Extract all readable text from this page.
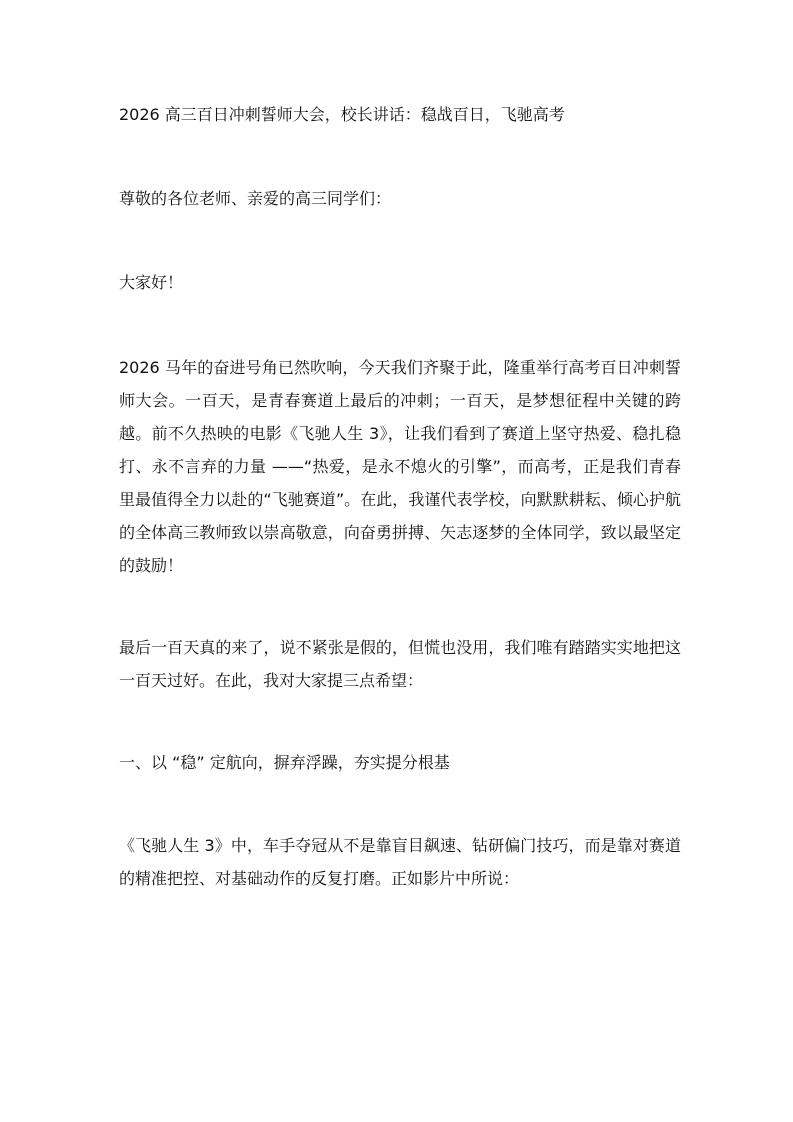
2026 高三百日冲刺誓师大会，校长讲话：稳战百日，飞驰高考

尊敬的各位老师、亲爱的高三同学们：

大家好！

2026 马年的奋进号角已然吹响，今天我们齐聚于此，隆重举行高考百日冲刺誓师大会。一百天，是青春赛道上最后的冲刺；一百天，是梦想征程中关键的跨越。前不久热映的电影《飞驰人生 3》，让我们看到了赛道上坚守热爱、稳扎稳打、永不言弃的力量 ——“热爱，是永不熄火的引擎”，而高考，正是我们青春里最值得全力以赴的“飞驰赛道”。在此，我谨代表学校，向默默耕耘、倾心护航的全体高三教师致以崇高敬意，向奋勇拼搏、矢志逐梦的全体同学，致以最坚定的鼓励！

最后一百天真的来了，说不紧张是假的，但慌也没用，我们唯有踏踏实实地把这一百天过好。在此，我对大家提三点希望：

一、以 “稳” 定航向，摒弃浮躁，夯实提分根基

《飞驰人生 3》中，车手夺冠从不是靠盲目飙速、钻研偏门技巧，而是靠对赛道的精准把控、对基础动作的反复打磨。正如影片中所说：
